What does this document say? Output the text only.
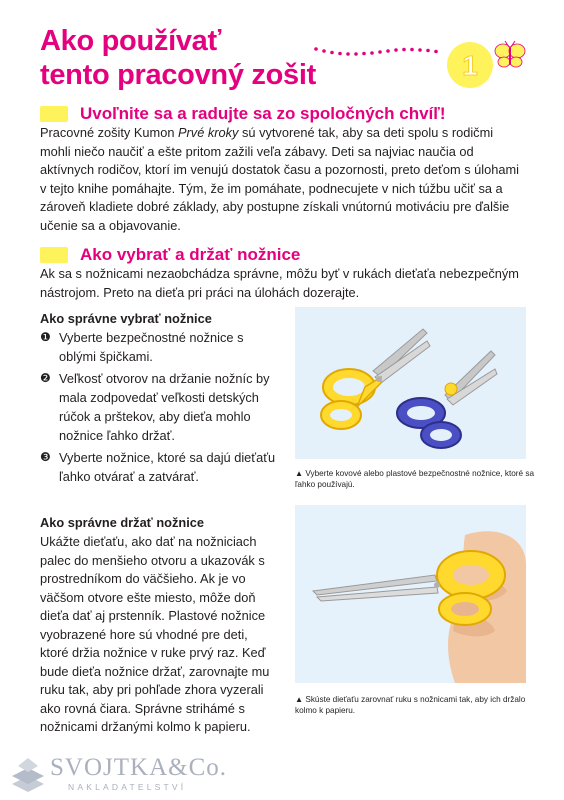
Ako používať
tento pracovný zošit	1
Uvoľnite sa a radujte sa zo spoločných chvíľ!
Pracovné zošity Kumon Prvé kroky sú vytvorené tak, aby sa deti spolu s rodičmi mohli niečo naučiť a ešte pritom zažili veľa zábavy. Deti sa najviac naučia od aktívnych rodičov, ktorí im venujú dostatok času a pozornosti, preto deťom s úlohami v tejto knihe pomáhajte. Tým, že im pomáhate, podnecujete v nich túžbu učiť sa a zároveň kladiete dobré základy, aby postupne získali vnútornú motiváciu pre ďalšie učenie sa a objavovanie.
Ako vybrať a držať nožnice
Ak sa s nožnicami nezaobchádza správne, môžu byť v rukách dieťaťa nebezpečným nástrojom. Preto na dieťa pri práci na úlohách dozerajte.
Ako správne vybrať nožnice
❶ Vyberte bezpečnostné nožnice s oblými špičkami.
❷ Veľkosť otvorov na držanie nožníc by mala zodpovedať veľkosti detských rúčok a prštekov, aby dieťa mohlo nožnice ľahko držať.
❸ Vyberte nožnice, ktoré sa dajú dieťaťu ľahko otvárať a zatvárať.
Ako správne držať nožnice
Ukážte dieťaťu, ako dať na nožniciach palec do menšieho otvoru a ukazovák s prostredníkom do väčšieho. Ak je vo väčšom otvore ešte miesto, môže doň dieťa dať aj prstenník. Plastové nožnice vyobrazené hore sú vhodné pre deti, ktoré držia nožnice v ruke prvý raz. Keď bude dieťa nožnice držať, zarovnajte mu ruku tak, aby pri pohľade zhora vyzerali ako rovná čiara. Správne strihámé s nožnicami držanými kolmo k papieru.
▲ Vyberte kovové alebo plastové bezpečnostné nožnice, ktoré sa ľahko používajú.
▲ Skúste dieťaťu zarovnať ruku s nožnicami tak, aby ich držalo kolmo k papieru.
SVOJTKA&Co.
NAKLADATELSTVÍ
